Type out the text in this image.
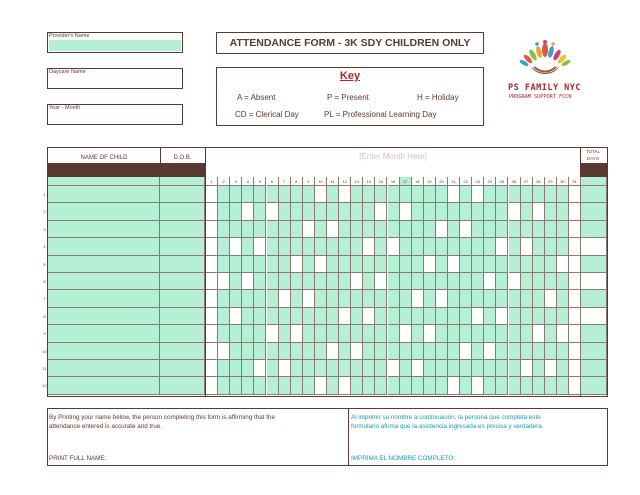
Provider's Name
Daycare Name
Year - Month
ATTENDANCE FORM - 3K SDY CHILDREN ONLY
Key
A = Absent	P = Present	H = Holiday
CD = Clerical Day	PL = Professional Learning Day
PS FAMILY NYC
PROGRAM SUPPORT FCCN
NAME OF CHILD	D.O.B.	[Enter Month Here]
TOTAL
DAYS
1	2	3	4	5	6	7	8	9	10	11	12	13	14	15	16	17	18	19	20	21	22	23	24	25	26	27	28	29	30	31
By Printing your name below, the person completing this form is affirming that the
attendance entered is accurate and true.
Al imprimir su nombre a continuación, la persona que completa este
formulario afirma que la asistencia ingresada es precisa y verdadera.
PRINT FULL NAME:	IMPRIMA EL NOMBRE COMPLETO:
1
2
3
4
5
6
7
8
9
10
11
12
